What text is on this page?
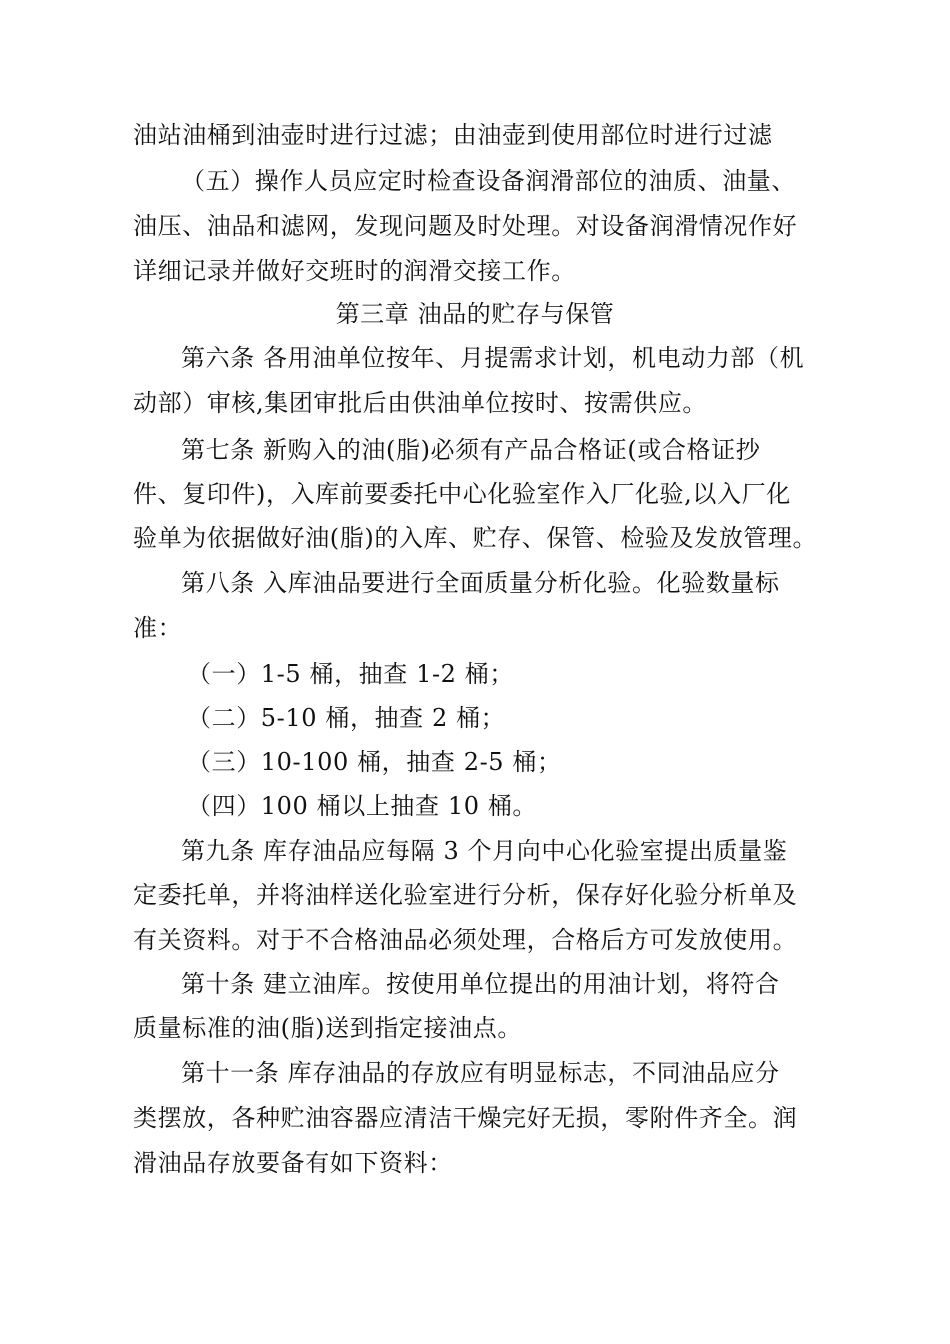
油站油桶到油壶时进行过滤；由油壶到使用部位时进行过滤
（五）操作人员应定时检查设备润滑部位的油质、油量、
油压、油品和滤网，发现问题及时处理。对设备润滑情况作好
详细记录并做好交班时的润滑交接工作。
第三章 油品的贮存与保管
第六条 各用油单位按年、月提需求计划，机电动力部（机
动部）审核,集团审批后由供油单位按时、按需供应。
第七条 新购入的油(脂)必须有产品合格证(或合格证抄
件、复印件)，入库前要委托中心化验室作入厂化验,以入厂化
验单为依据做好油(脂)的入库、贮存、保管、检验及发放管理。
第八条 入库油品要进行全面质量分析化验。化验数量标
准：
（一）1-5 桶，抽查 1-2 桶；
（二）5-10 桶，抽查 2 桶；
（三）10-100 桶，抽查 2-5 桶；
（四）100 桶以上抽查 10 桶。
第九条 库存油品应每隔 3 个月向中心化验室提出质量鉴
定委托单，并将油样送化验室进行分析，保存好化验分析单及
有关资料。对于不合格油品必须处理，合格后方可发放使用。
第十条 建立油库。按使用单位提出的用油计划，将符合
质量标准的油(脂)送到指定接油点。
第十一条 库存油品的存放应有明显标志，不同油品应分
类摆放，各种贮油容器应清洁干燥完好无损，零附件齐全。润
滑油品存放要备有如下资料：
